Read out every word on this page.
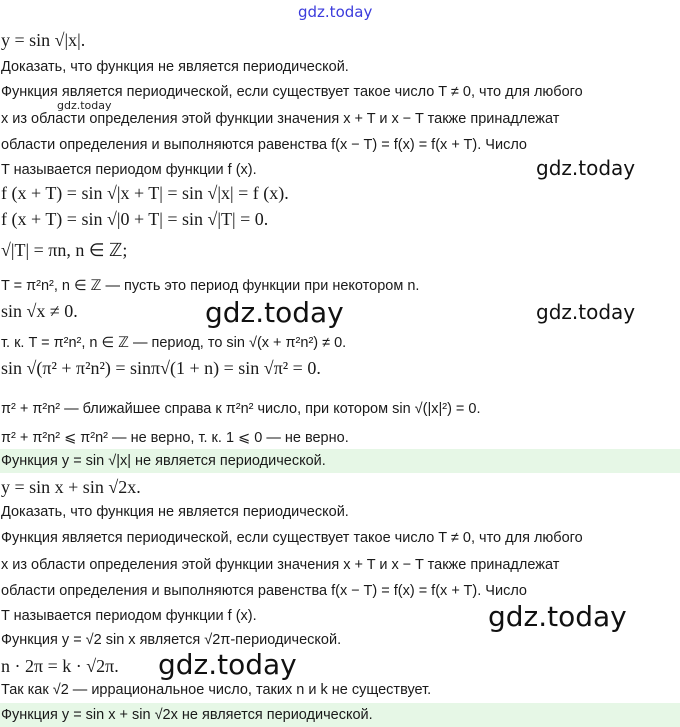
y = sin √|x|.
Доказать, что функция не является периодической.
Функция является периодической, если существует такое число T ≠ 0, что для любого
x из области определения этой функции значения x + T и x − T также принадлежат
области определения и выполняются равенства f(x − T) = f(x) = f(x + T). Число
T называется периодом функции f (x).
f (x + T) = sin √|x + T| = sin √|x| = f (x).
f (x + T) = sin √|0 + T| = sin √|T| = 0.
√|T| = πn, n ∈ ℤ;
T = π²n², n ∈ ℤ — пусть это период функции при некотором n.
sin √x ≠ 0.
т. к. T = π²n², n ∈ ℤ — период, то sin √(x + π²n²) ≠ 0.
sin √(π² + π²n²) = sinπ√(1 + n) = sin √π² = 0.
π² + π²n² — ближайшее справа к π²n² число, при котором sin √(|x|²) = 0.
π² + π²n² ⩽ π²n² — не верно, т. к. 1 ⩽ 0 — не верно.
Функция y = sin √|x| не является периодической.
y = sin x + sin √2x.
Доказать, что функция не является периодической.
Функция является периодической, если существует такое число T ≠ 0, что для любого
x из области определения этой функции значения x + T и x − T также принадлежат
области определения и выполняются равенства f(x − T) = f(x) = f(x + T). Число
T называется периодом функции f (x).
Функция y = √2 sin x является √2π-периодической.
n · 2π = k · √2π.
Так как √2 — иррациональное число, таких n и k не существует.
Функция y = sin x + sin √2x не является периодической.
gdz.today
gdz.today
gdz.today
gdz.today	gdz.today
gdz.today
gdz.today
